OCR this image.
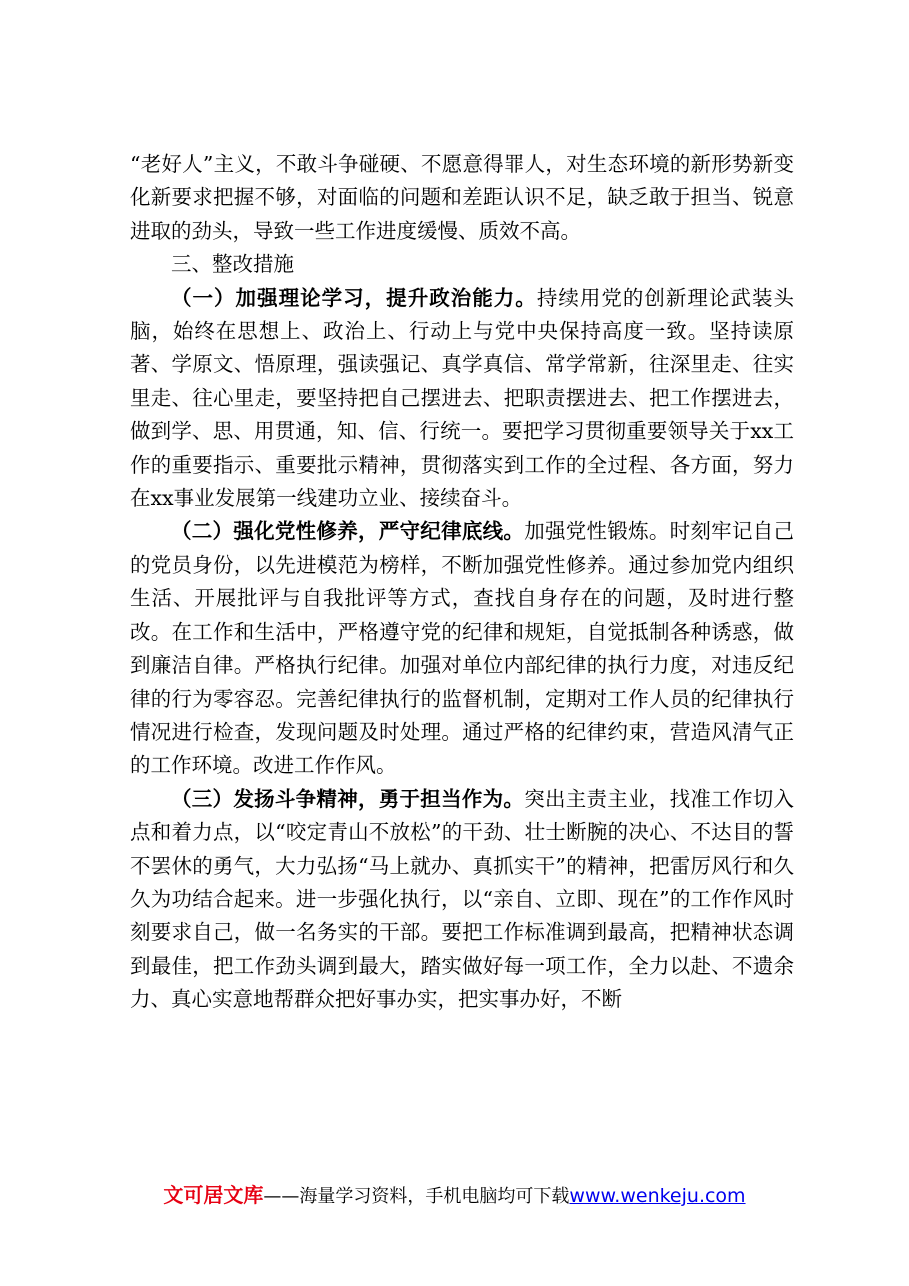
“老好人”主义，不敢斗争碰硬、不愿意得罪人，对生态环境的新形势新变化新要求把握不够，对面临的问题和差距认识不足，缺乏敢于担当、锐意进取的劲头，导致一些工作进度缓慢、质效不高。

三、整改措施

（一）加强理论学习，提升政治能力。持续用党的创新理论武装头脑，始终在思想上、政治上、行动上与党中央保持高度一致。坚持读原著、学原文、悟原理，强读强记、真学真信、常学常新，往深里走、往实里走、往心里走，要坚持把自己摆进去、把职责摆进去、把工作摆进去，做到学、思、用贯通，知、信、行统一。要把学习贯彻重要领导关于xx工作的重要指示、重要批示精神，贯彻落实到工作的全过程、各方面，努力在xx事业发展第一线建功立业、接续奋斗。

（二）强化党性修养，严守纪律底线。加强党性锻炼。时刻牢记自己的党员身份，以先进模范为榜样，不断加强党性修养。通过参加党内组织生活、开展批评与自我批评等方式，查找自身存在的问题，及时进行整改。在工作和生活中，严格遵守党的纪律和规矩，自觉抵制各种诱惑，做到廉洁自律。严格执行纪律。加强对单位内部纪律的执行力度，对违反纪律的行为零容忍。完善纪律执行的监督机制，定期对工作人员的纪律执行情况进行检查，发现问题及时处理。通过严格的纪律约束，营造风清气正的工作环境。改进工作作风。

（三）发扬斗争精神，勇于担当作为。突出主责主业，找准工作切入点和着力点，以“咬定青山不放松”的干劲、壮士断腕的决心、不达目的誓不罢休的勇气，大力弘扬“马上就办、真抓实干”的精神，把雷厉风行和久久为功结合起来。进一步强化执行，以“亲自、立即、现在”的工作作风时刻要求自己，做一名务实的干部。要把工作标准调到最高，把精神状态调到最佳，把工作劲头调到最大，踏实做好每一项工作，全力以赴、不遗余力、真心实意地帮群众把好事办实，把实事办好，不断

文可居文库——海量学习资料，手机电脑均可下载www.wenkeju.com
